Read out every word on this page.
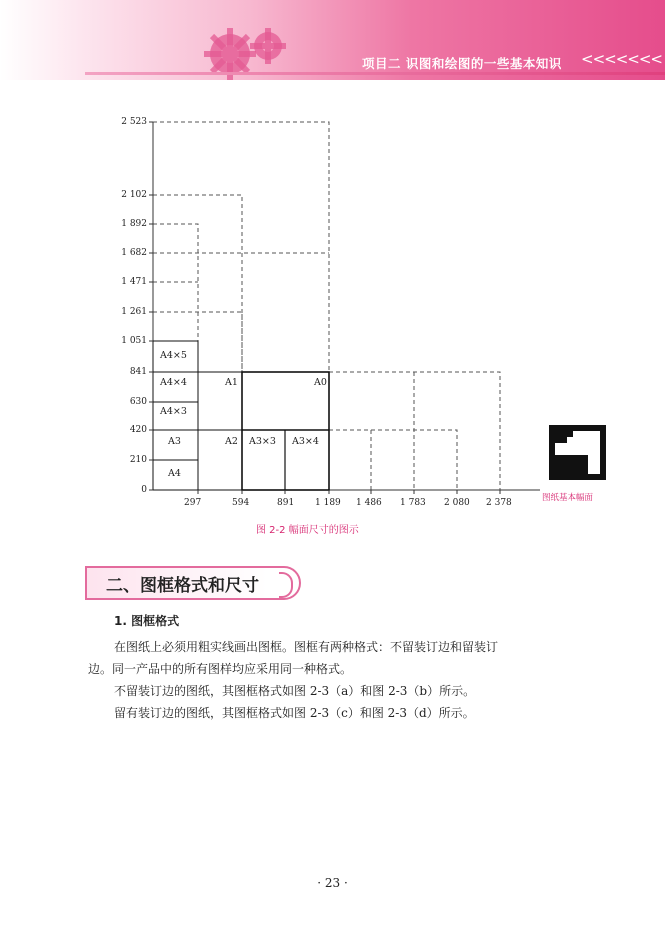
项目二 识图和绘图的一些基本知识 <<<<<<<
2 523
2 102
1 892
1 682
1 471
1 261
1 051
841
630
420
210
0
297	594	891 1 189 1 486 1 783 2 080 2 378
A4×5
A4×4
A4×3
A3
A4
A1	A0
A2 A3×3 A3×4
图 2-2 幅面尺寸的图示
图纸基本幅面
二、图框格式和尺寸
1. 图框格式
在图纸上必须用粗实线画出图框。图框有两种格式：不留装订边和留装订
边。同一产品中的所有图样均应采用同一种格式。
不留装订边的图纸，其图框格式如图 2-3（a）和图 2-3（b）所示。
留有装订边的图纸，其图框格式如图 2-3（c）和图 2-3（d）所示。
· 23 ·
